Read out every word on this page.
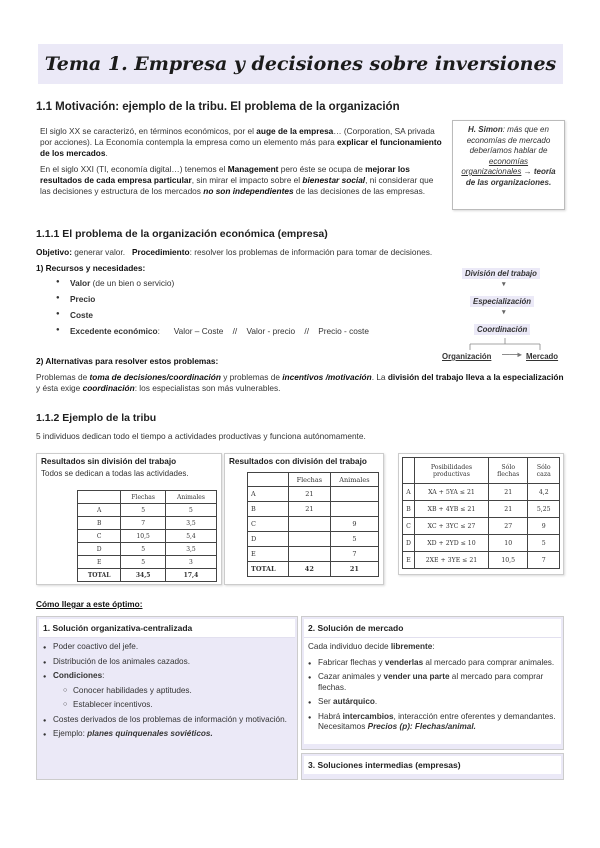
Tema 1. Empresa y decisiones sobre inversiones
1.1 Motivación: ejemplo de la tribu. El problema de la organización
El siglo XX se caracterizó, en términos económicos, por el auge de la empresa… (Corporation, SA privada por acciones). La Economía contempla la empresa como un elemento más para explicar el funcionamiento de los mercados.
En el siglo XXI (TI, economía digital…) tenemos el Management pero éste se ocupa de mejorar los resultados de cada empresa particular, sin mirar el impacto sobre el bienestar social, ni considerar que las decisiones y estructura de los mercados no son independientes de las decisiones de las empresas.
H. Simon: más que en economías de mercado deberíamos hablar de economías organizacionales → teoría de las organizaciones.
1.1.1 El problema de la organización económica (empresa)
Objetivo: generar valor. Procedimiento: resolver los problemas de información para tomar de decisiones.
1) Recursos y necesidades:
● Valor (de un bien o servicio)
● Precio
● Coste
● Excedente económico:      Valor – Coste    //    Valor - precio    //    Precio - coste
División del trabajo
▾
Especialización
▾
Coordinación
Organización ——▸ Mercado
2) Alternativas para resolver estos problemas:
Problemas de toma de decisiones/coordinación y problemas de incentivos /motivación. La división del trabajo lleva a la especialización y ésta exige coordinación: los especialistas son más vulnerables.
1.1.2 Ejemplo de la tribu
5 individuos dedican todo el tiempo a actividades productivas y funciona autónomamente.
Resultados sin división del trabajo
Todos se dedican a todas las actividades.
	Flechas	Animales
A	5	5
B	7	3,5
C	10,5	5,4
D	5	3,5
E	5	3
TOTAL	34,5	17,4
Resultados con división del trabajo
	Flechas	Animales
A	21	
B	21	
C		9
D		5
E		7
TOTAL	42	21
	Posibilidades productivas	Sólo flechas	Sólo caza
A	XA + 5YA ≤ 21	21	4,2
B	XB + 4YB ≤ 21	21	5,25
C	XC + 3YC ≤ 27	27	9
D	XD + 2YD ≤ 10	10	5
E	2XE + 3YE ≤ 21	10,5	7
Cómo llegar a este óptimo:
1. Solución organizativa-centralizada
● Poder coactivo del jefe.
● Distribución de los animales cazados.
● Condiciones:
○ Conocer habilidades y aptitudes.
○ Establecer incentivos.
● Costes derivados de los problemas de información y motivación.
● Ejemplo: planes quinquenales soviéticos.
2. Solución de mercado
Cada individuo decide libremente:
● Fabricar flechas y venderlas al mercado para comprar animales.
● Cazar animales y vender una parte al mercado para comprar flechas.
● Ser autárquico.
● Habrá intercambios, interacción entre oferentes y demandantes. Necesitamos Precios (p): Flechas/animal.
3. Soluciones intermedias (empresas)
